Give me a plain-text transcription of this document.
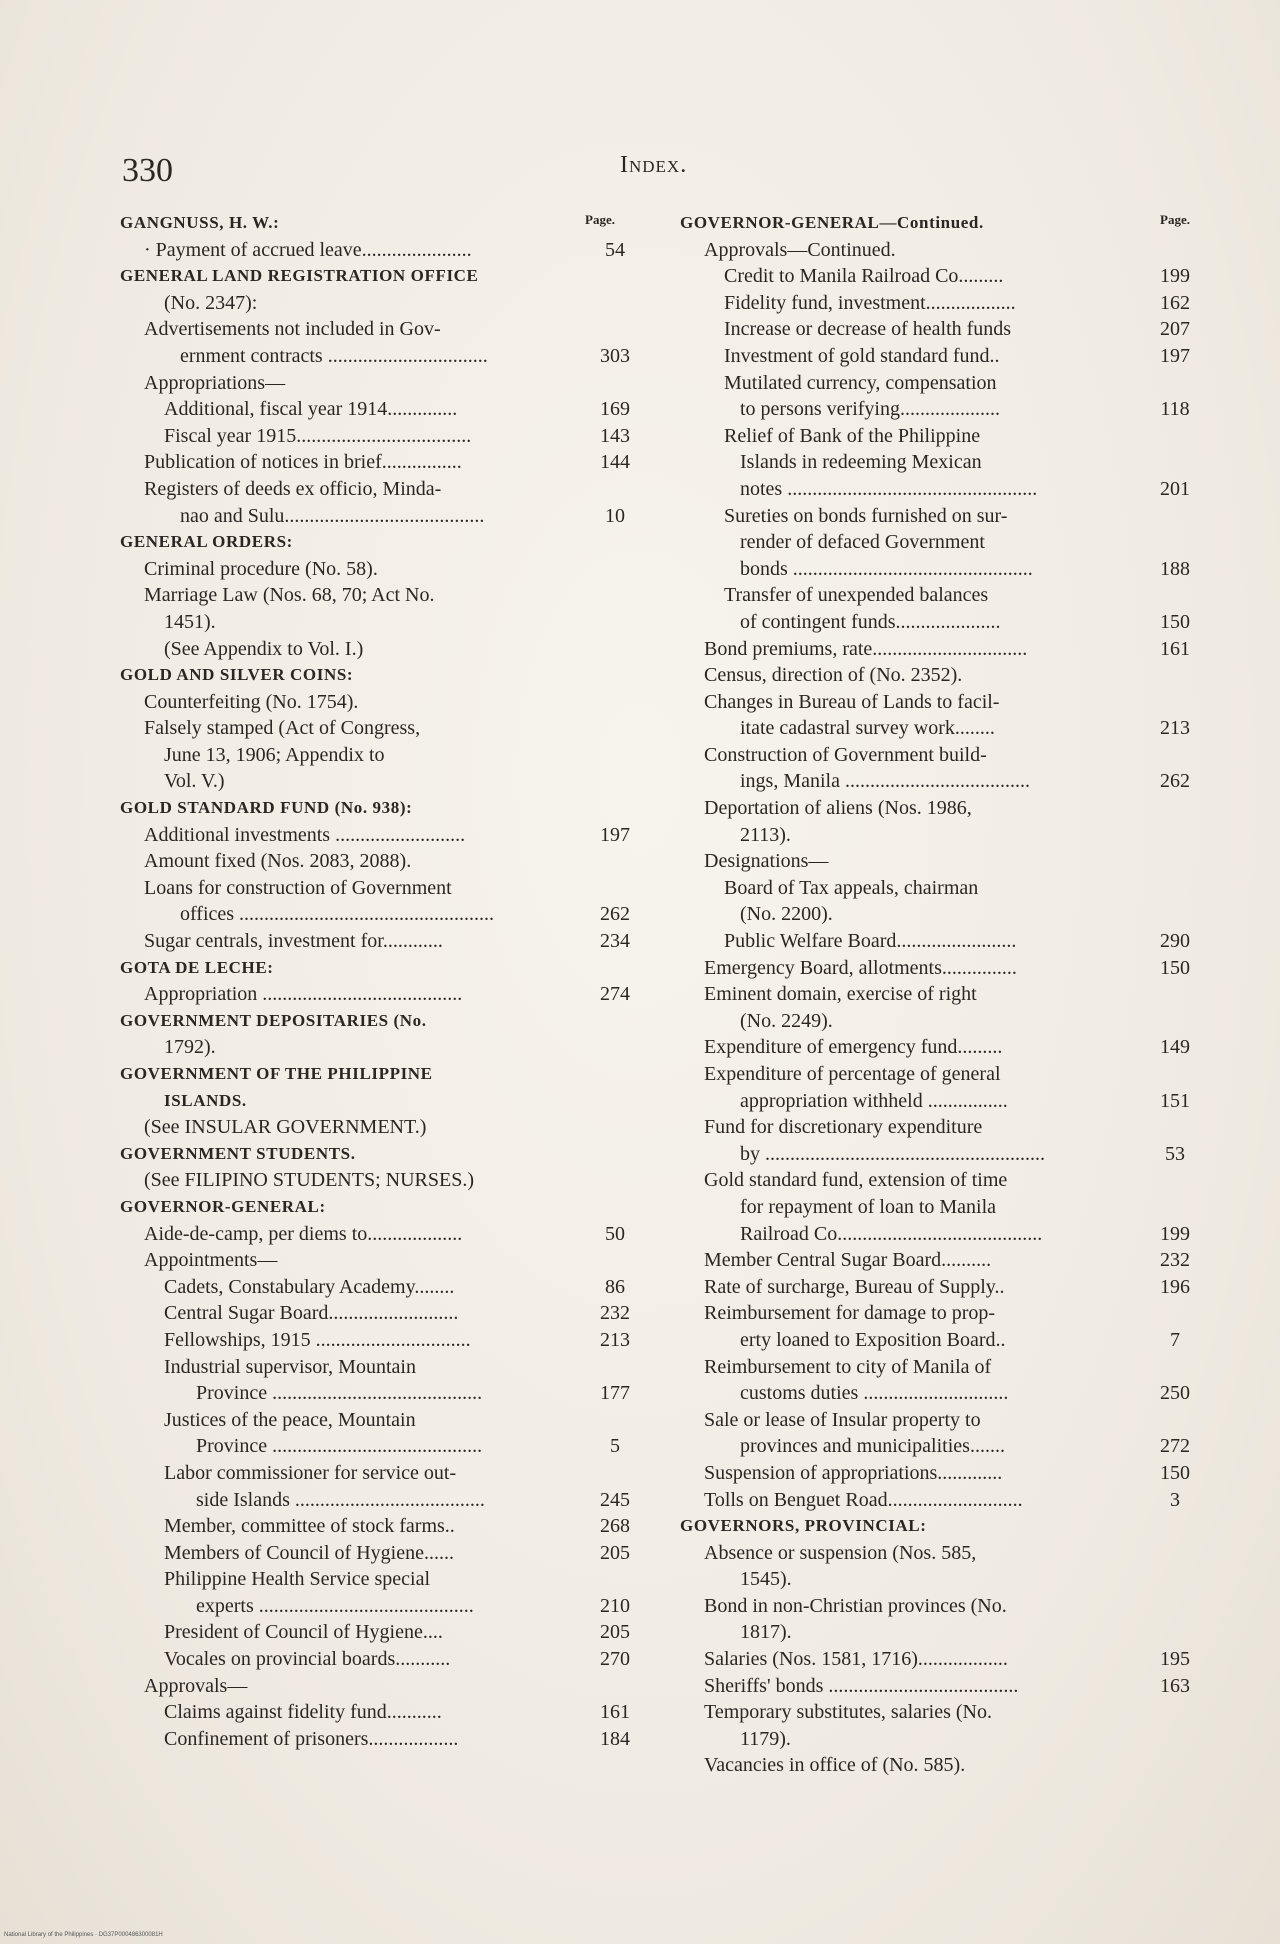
330	Index.
Page.
GANGNUSS, H. W.:
· Payment of accrued leave......................	54
GENERAL LAND REGISTRATION OFFICE
(No. 2347):
Advertisements not included in Gov-
ernment contracts ................................	303
Appropriations—
Additional, fiscal year 1914..............	169
Fiscal year 1915...................................	143
Publication of notices in brief................	144
Registers of deeds ex officio, Minda-
nao and Sulu........................................	10
GENERAL ORDERS:
Criminal procedure (No. 58).
Marriage Law (Nos. 68, 70; Act No.
1451).
(See Appendix to Vol. I.)
GOLD AND SILVER COINS:
Counterfeiting (No. 1754).
Falsely stamped (Act of Congress,
June 13, 1906; Appendix to
Vol. V.)
GOLD STANDARD FUND (No. 938):
Additional investments ..........................	197
Amount fixed (Nos. 2083, 2088).
Loans for construction of Government
offices ...................................................	262
Sugar centrals, investment for............	234
GOTA DE LECHE:
Appropriation ........................................	274
GOVERNMENT DEPOSITARIES (No.
1792).
GOVERNMENT OF THE PHILIPPINE
ISLANDS.
(See INSULAR GOVERNMENT.)
GOVERNMENT STUDENTS.
(See FILIPINO STUDENTS; NURSES.)
GOVERNOR-GENERAL:
Aide-de-camp, per diems to...................	50
Appointments—
Cadets, Constabulary Academy........	86
Central Sugar Board..........................	232
Fellowships, 1915 ...............................	213
Industrial supervisor, Mountain
Province ..........................................	177
Justices of the peace, Mountain
Province ..........................................	5
Labor commissioner for service out-
side Islands ......................................	245
Member, committee of stock farms..	268
Members of Council of Hygiene......	205
Philippine Health Service special
experts ...........................................	210
President of Council of Hygiene....	205
Vocales on provincial boards...........	270
Approvals—
Claims against fidelity fund...........	161
Confinement of prisoners..................	184
Page.
GOVERNOR-GENERAL—Continued.
Approvals—Continued.
Credit to Manila Railroad Co.........	199
Fidelity fund, investment..................	162
Increase or decrease of health funds	207
Investment of gold standard fund..	197
Mutilated currency, compensation
to persons verifying....................	118
Relief of Bank of the Philippine
Islands in redeeming Mexican
notes ..................................................	201
Sureties on bonds furnished on sur-
render of defaced Government
bonds ................................................	188
Transfer of unexpended balances
of contingent funds.....................	150
Bond premiums, rate...............................	161
Census, direction of (No. 2352).
Changes in Bureau of Lands to facil-
itate cadastral survey work........	213
Construction of Government build-
ings, Manila .....................................	262
Deportation of aliens (Nos. 1986,
2113).
Designations—
Board of Tax appeals, chairman
(No. 2200).
Public Welfare Board........................	290
Emergency Board, allotments...............	150
Eminent domain, exercise of right
(No. 2249).
Expenditure of emergency fund.........	149
Expenditure of percentage of general
appropriation withheld ................	151
Fund for discretionary expenditure
by ........................................................	53
Gold standard fund, extension of time
for repayment of loan to Manila
Railroad Co.........................................	199
Member Central Sugar Board..........	232
Rate of surcharge, Bureau of Supply..	196
Reimbursement for damage to prop-
erty loaned to Exposition Board..	7
Reimbursement to city of Manila of
customs duties .............................	250
Sale or lease of Insular property to
provinces and municipalities.......	272
Suspension of appropriations.............	150
Tolls on Benguet Road...........................	3
GOVERNORS, PROVINCIAL:
Absence or suspension (Nos. 585,
1545).
Bond in non-Christian provinces (No.
1817).
Salaries (Nos. 1581, 1716)..................	195
Sheriffs' bonds ......................................	163
Temporary substitutes, salaries (No.
1179).
Vacancies in office of (No. 585).
National Library of the Philippines · DG37P000486300081H
